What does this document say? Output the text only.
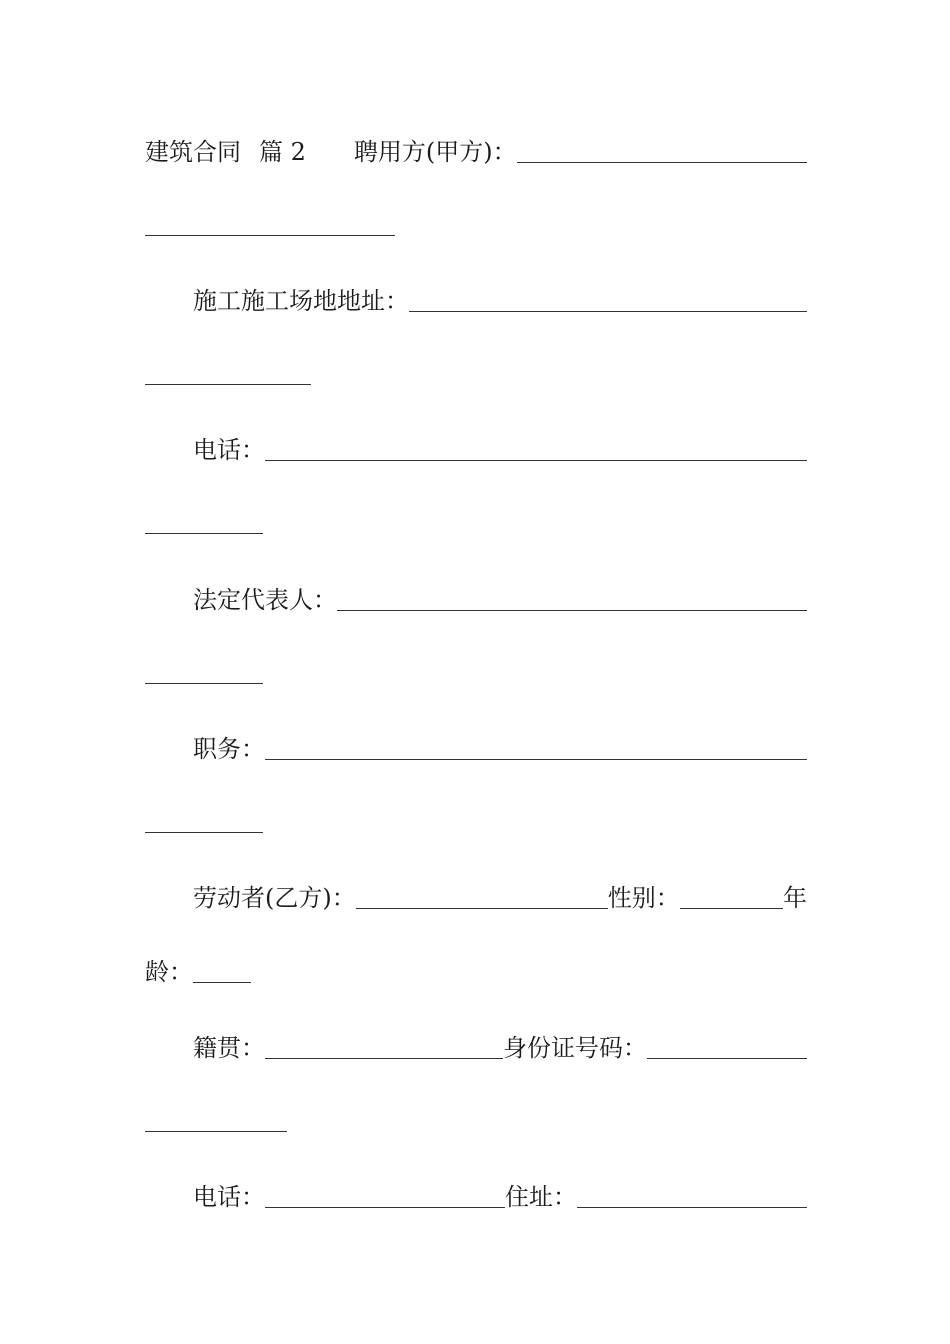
建筑合同 篇 2 聘用方(甲方)：
施工施工场地地址：
电话：
法定代表人：
职务：
劳动者(乙方)：	性别：	年
龄：
籍贯：	身份证号码：
电话：	住址：
